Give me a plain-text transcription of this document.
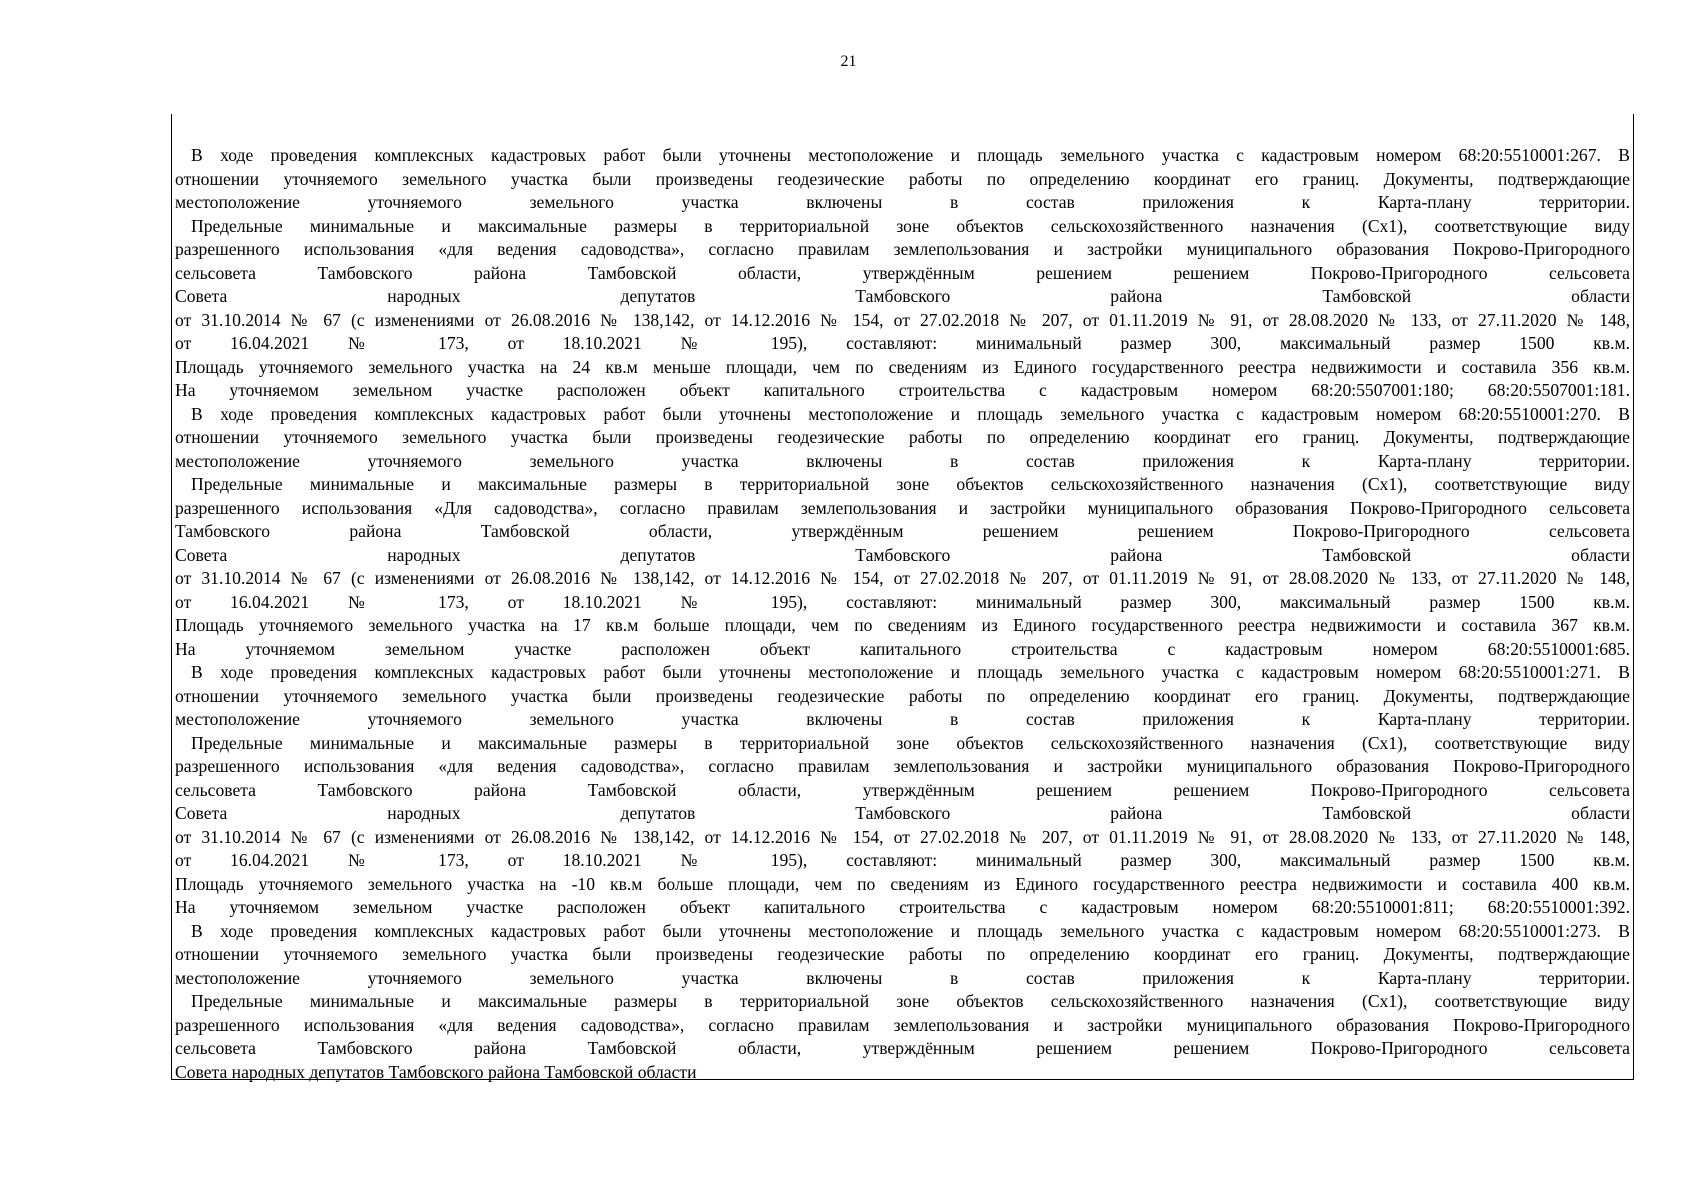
21
В ходе проведения комплексных кадастровых работ были уточнены местоположение и площадь земельного участка с кадастровым номером 68:20:5510001:267. В
отношении уточняемого земельного участка были произведены геодезические работы по определению координат его границ. Документы, подтверждающие
местоположение уточняемого земельного участка включены в состав приложения к Карта-плану территории.
Предельные минимальные и максимальные размеры в территориальной зоне объектов сельскохозяйственного назначения (Сх1), соответствующие виду
разрешенного использования «для ведения садоводства», согласно правилам землепользования и застройки муниципального образования Покрово-Пригородного
сельсовета Тамбовского района Тамбовской области, утверждённым решением решением Покрово-Пригородного сельсовета
Совета народных депутатов Тамбовского района Тамбовской области
от 31.10.2014 № 67 (с изменениями от 26.08.2016 № 138,142, от 14.12.2016 № 154, от 27.02.2018 № 207, от 01.11.2019 № 91, от 28.08.2020 № 133, от 27.11.2020 № 148,
от 16.04.2021 № 173, от 18.10.2021 № 195), составляют: минимальный размер 300, максимальный размер 1500 кв.м.
Площадь уточняемого земельного участка на 24 кв.м меньше площади, чем по сведениям из Единого государственного реестра недвижимости и составила 356 кв.м.
На уточняемом земельном участке расположен объект капитального строительства с кадастровым номером 68:20:5507001:180; 68:20:5507001:181.
В ходе проведения комплексных кадастровых работ были уточнены местоположение и площадь земельного участка с кадастровым номером 68:20:5510001:270. В
отношении уточняемого земельного участка были произведены геодезические работы по определению координат его границ. Документы, подтверждающие
местоположение уточняемого земельного участка включены в состав приложения к Карта-плану территории.
Предельные минимальные и максимальные размеры в территориальной зоне объектов сельскохозяйственного назначения (Сх1), соответствующие виду
разрешенного использования «Для садоводства», согласно правилам землепользования и застройки муниципального образования Покрово-Пригородного сельсовета
Тамбовского района Тамбовской области, утверждённым решением решением Покрово-Пригородного сельсовета
Совета народных депутатов Тамбовского района Тамбовской области
от 31.10.2014 № 67 (с изменениями от 26.08.2016 № 138,142, от 14.12.2016 № 154, от 27.02.2018 № 207, от 01.11.2019 № 91, от 28.08.2020 № 133, от 27.11.2020 № 148,
от 16.04.2021 № 173, от 18.10.2021 № 195), составляют: минимальный размер 300, максимальный размер 1500 кв.м.
Площадь уточняемого земельного участка на 17 кв.м больше площади, чем по сведениям из Единого государственного реестра недвижимости и составила 367 кв.м.
На уточняемом земельном участке расположен объект капитального строительства с кадастровым номером 68:20:5510001:685.
В ходе проведения комплексных кадастровых работ были уточнены местоположение и площадь земельного участка с кадастровым номером 68:20:5510001:271. В
отношении уточняемого земельного участка были произведены геодезические работы по определению координат его границ. Документы, подтверждающие
местоположение уточняемого земельного участка включены в состав приложения к Карта-плану территории.
Предельные минимальные и максимальные размеры в территориальной зоне объектов сельскохозяйственного назначения (Сх1), соответствующие виду
разрешенного использования «для ведения садоводства», согласно правилам землепользования и застройки муниципального образования Покрово-Пригородного
сельсовета Тамбовского района Тамбовской области, утверждённым решением решением Покрово-Пригородного сельсовета
Совета народных депутатов Тамбовского района Тамбовской области
от 31.10.2014 № 67 (с изменениями от 26.08.2016 № 138,142, от 14.12.2016 № 154, от 27.02.2018 № 207, от 01.11.2019 № 91, от 28.08.2020 № 133, от 27.11.2020 № 148,
от 16.04.2021 № 173, от 18.10.2021 № 195), составляют: минимальный размер 300, максимальный размер 1500 кв.м.
Площадь уточняемого земельного участка на -10 кв.м больше площади, чем по сведениям из Единого государственного реестра недвижимости и составила 400 кв.м.
На уточняемом земельном участке расположен объект капитального строительства с кадастровым номером 68:20:5510001:811; 68:20:5510001:392.
В ходе проведения комплексных кадастровых работ были уточнены местоположение и площадь земельного участка с кадастровым номером 68:20:5510001:273. В
отношении уточняемого земельного участка были произведены геодезические работы по определению координат его границ. Документы, подтверждающие
местоположение уточняемого земельного участка включены в состав приложения к Карта-плану территории.
Предельные минимальные и максимальные размеры в территориальной зоне объектов сельскохозяйственного назначения (Сх1), соответствующие виду
разрешенного использования «для ведения садоводства», согласно правилам землепользования и застройки муниципального образования Покрово-Пригородного
сельсовета Тамбовского района Тамбовской области, утверждённым решением решением Покрово-Пригородного сельсовета
Совета народных депутатов Тамбовского района Тамбовской области
